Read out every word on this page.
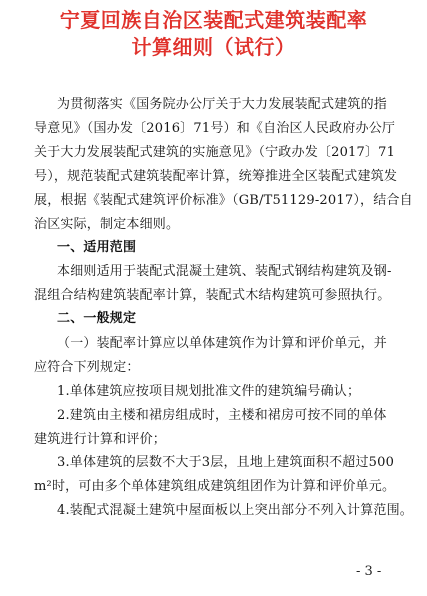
宁夏回族自治区装配式建筑装配率
计算细则（试行）
为贯彻落实《国务院办公厅关于大力发展装配式建筑的指
导意见》（国办发〔2016〕71号）和《自治区人民政府办公厅
关于大力发展装配式建筑的实施意见》（宁政办发〔2017〕71
号），规范装配式建筑装配率计算，统筹推进全区装配式建筑发
展，根据《装配式建筑评价标准》（GB/T51129-2017），结合自
治区实际，制定本细则。
一、适用范围
本细则适用于装配式混凝土建筑、装配式钢结构建筑及钢-
混组合结构建筑装配率计算，装配式木结构建筑可参照执行。
二、一般规定
（一）装配率计算应以单体建筑作为计算和评价单元，并
应符合下列规定：
1.单体建筑应按项目规划批准文件的建筑编号确认；
2.建筑由主楼和裙房组成时，主楼和裙房可按不同的单体
建筑进行计算和评价；
3.单体建筑的层数不大于3层，且地上建筑面积不超过500
m²时，可由多个单体建筑组成建筑组团作为计算和评价单元。
4.装配式混凝土建筑中屋面板以上突出部分不列入计算范围。
- 3 -
